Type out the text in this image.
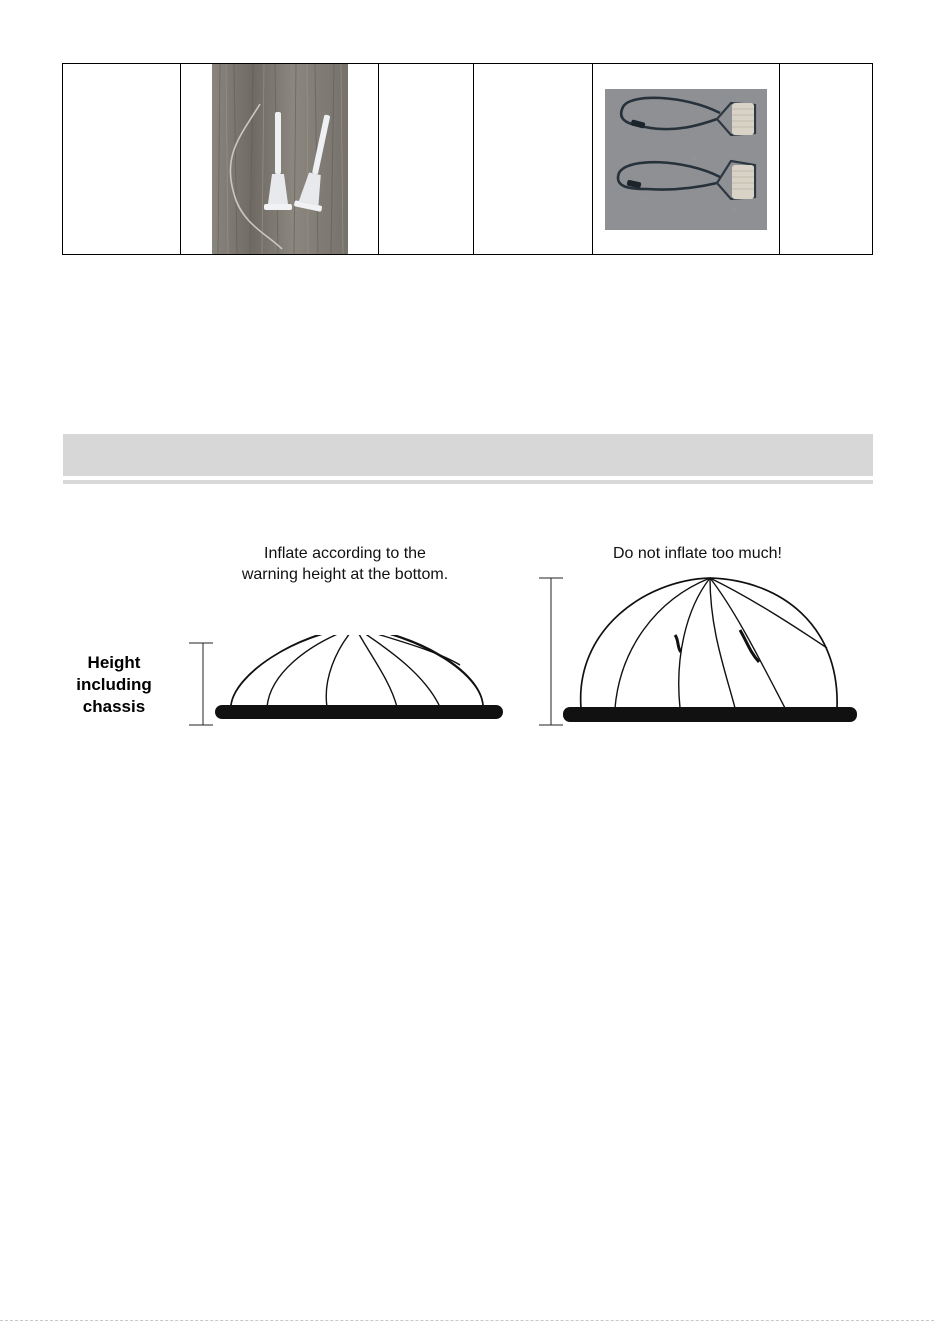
Inflate according to the
warning height at the bottom.
Do not inflate too much!
Height
including
chassis
